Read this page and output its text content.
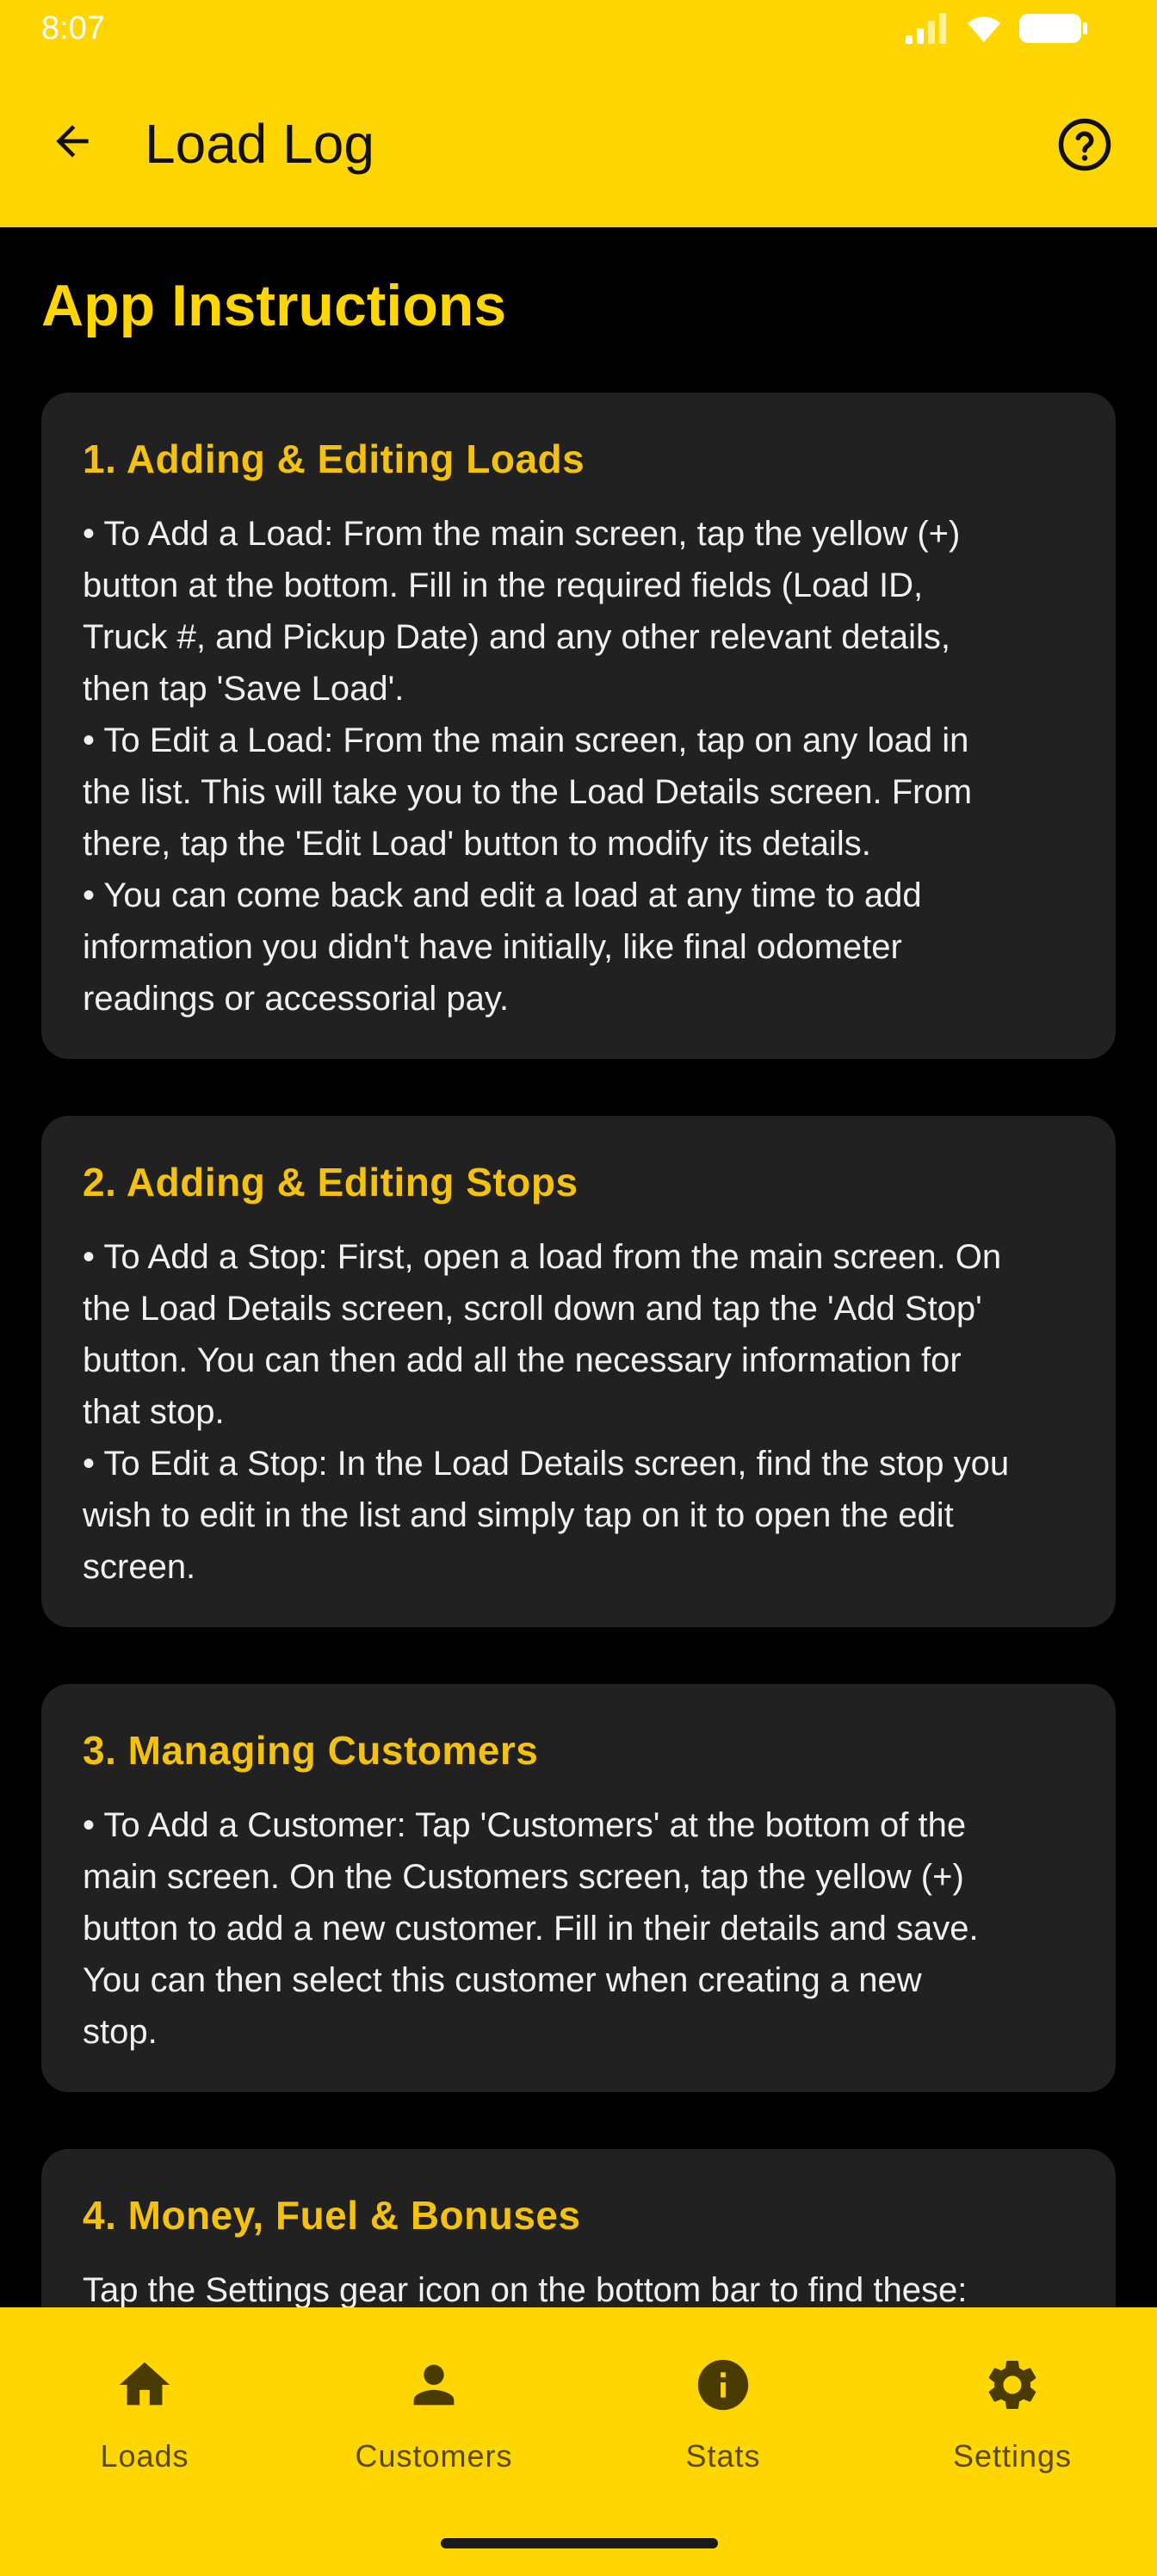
8:07
Load Log
App Instructions
1. Adding & Editing Loads
• To Add a Load: From the main screen, tap the yellow (+)
button at the bottom. Fill in the required fields (Load ID,
Truck #, and Pickup Date) and any other relevant details,
then tap 'Save Load'.
• To Edit a Load: From the main screen, tap on any load in
the list. This will take you to the Load Details screen. From
there, tap the 'Edit Load' button to modify its details.
• You can come back and edit a load at any time to add
information you didn't have initially, like final odometer
readings or accessorial pay.
2. Adding & Editing Stops
• To Add a Stop: First, open a load from the main screen. On
the Load Details screen, scroll down and tap the 'Add Stop'
button. You can then add all the necessary information for
that stop.
• To Edit a Stop: In the Load Details screen, find the stop you
wish to edit in the list and simply tap on it to open the edit
screen.
3. Managing Customers
• To Add a Customer: Tap 'Customers' at the bottom of the
main screen. On the Customers screen, tap the yellow (+)
button to add a new customer. Fill in their details and save.
You can then select this customer when creating a new
stop.
4. Money, Fuel & Bonuses
Tap the Settings gear icon on the bottom bar to find these:
Loads	Customers	Stats	Settings
